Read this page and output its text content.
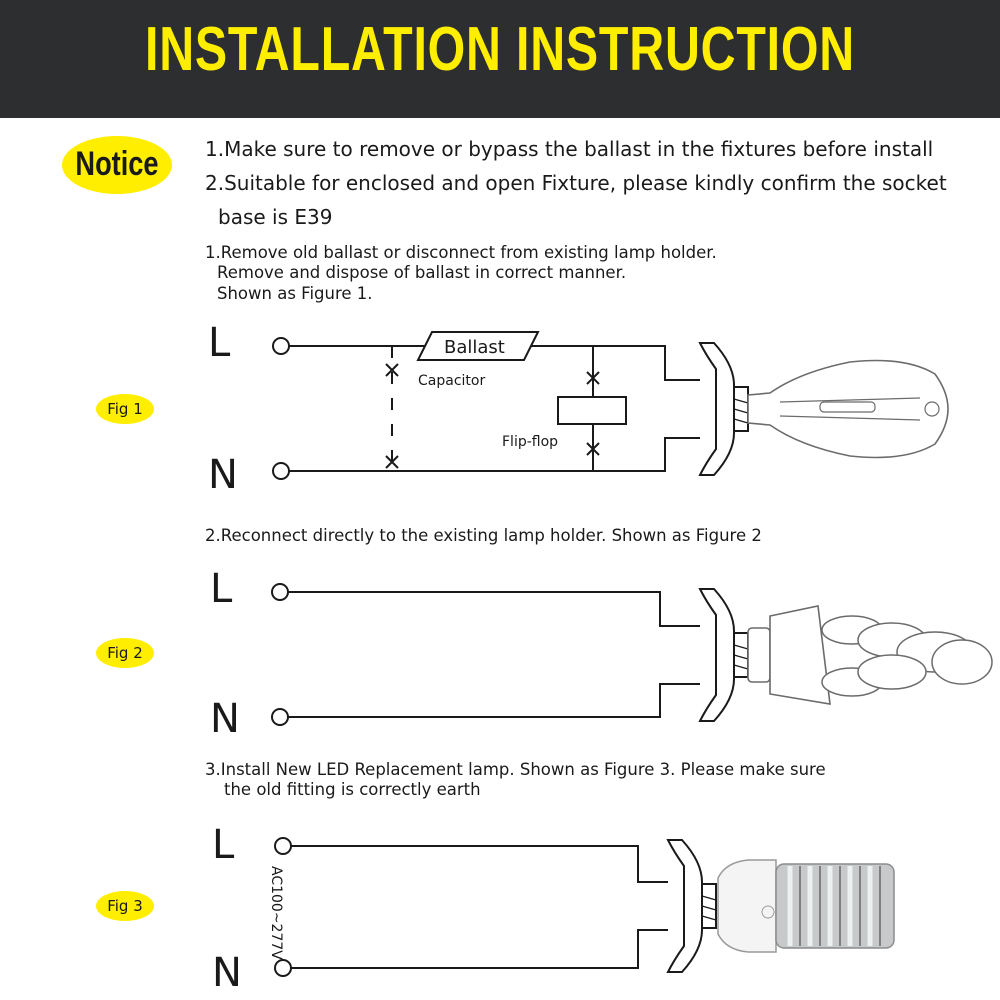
INSTALLATION INSTRUCTION
Notice 1.Make sure to remove or bypass the ballast in the fixtures before install
2.Suitable for enclosed and open Fixture, please kindly confirm the socket
base is E39
1.Remove old ballast or disconnect from existing lamp holder.
Remove and dispose of ballast in correct manner.
Shown as Figure 1.
2.Reconnect directly to the existing lamp holder. Shown as Figure 2
3.Install New LED Replacement lamp. Shown as Figure 3. Please make sure
the old fitting is correctly earth
Fig 1
Fig 2
Fig 3
L
N
Ballast
Capacitor
Flip-flop
L
N
L
N
AC100~277V
